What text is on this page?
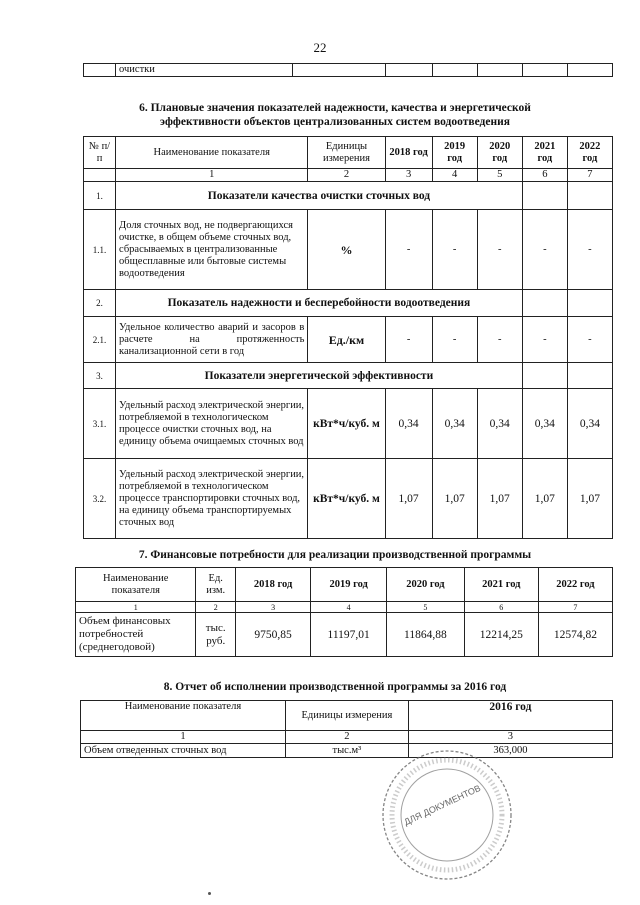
22
	очистки						
6. Плановые значения показателей надежности, качества и энергетической
эффективности объектов централизованных систем водоотведения
№ п/п	Наименование показателя	Единицы измерения	2018 год	2019 год	2020 год	2021 год	2022 год
	1	2	3	4	5	6	7
1.	Показатели качества очистки сточных вод						
1.1.	Доля сточных вод, не подвергающихся очистке, в общем объеме сточных вод, сбрасываемых в централизованные общесплавные или бытовые системы водоотведения	%	-	-	-	-	-
2.	Показатель надежности и бесперебойности водоотведения						
2.1.	Удельное количество аварий и засоров в расчете на протяженность канализационной сети в год	Ед./км	-	-	-	-	-
3.	Показатели энергетической эффективности						
3.1.	Удельный расход электрической энергии, потребляемой в технологическом процессе очистки сточных вод, на единицу объема очищаемых сточных вод	кВт*ч/куб. м	0,34	0,34	0,34	0,34	0,34
3.2.	Удельный расход электрической энергии, потребляемой в технологическом процессе транспортировки сточных вод, на единицу объема транспортируемых сточных вод	кВт*ч/куб. м	1,07	1,07	1,07	1,07	1,07
7. Финансовые потребности для реализации производственной программы
Наименование показателя	Ед. изм.	2018 год	2019 год	2020 год	2021 год	2022 год
1	2	3	4	5	6	7
Объем финансовых потребностей (среднегодовой)	тыс. руб.	9750,85	11197,01	11864,88	12214,25	12574,82
8. Отчет об исполнении производственной программы за 2016 год
Наименование показателя	Единицы измерения	2016 год
1	2	3
Объем отведенных сточных вод	тыс.м³	363,000
ДЛЯ ДОКУМЕНТОВ
